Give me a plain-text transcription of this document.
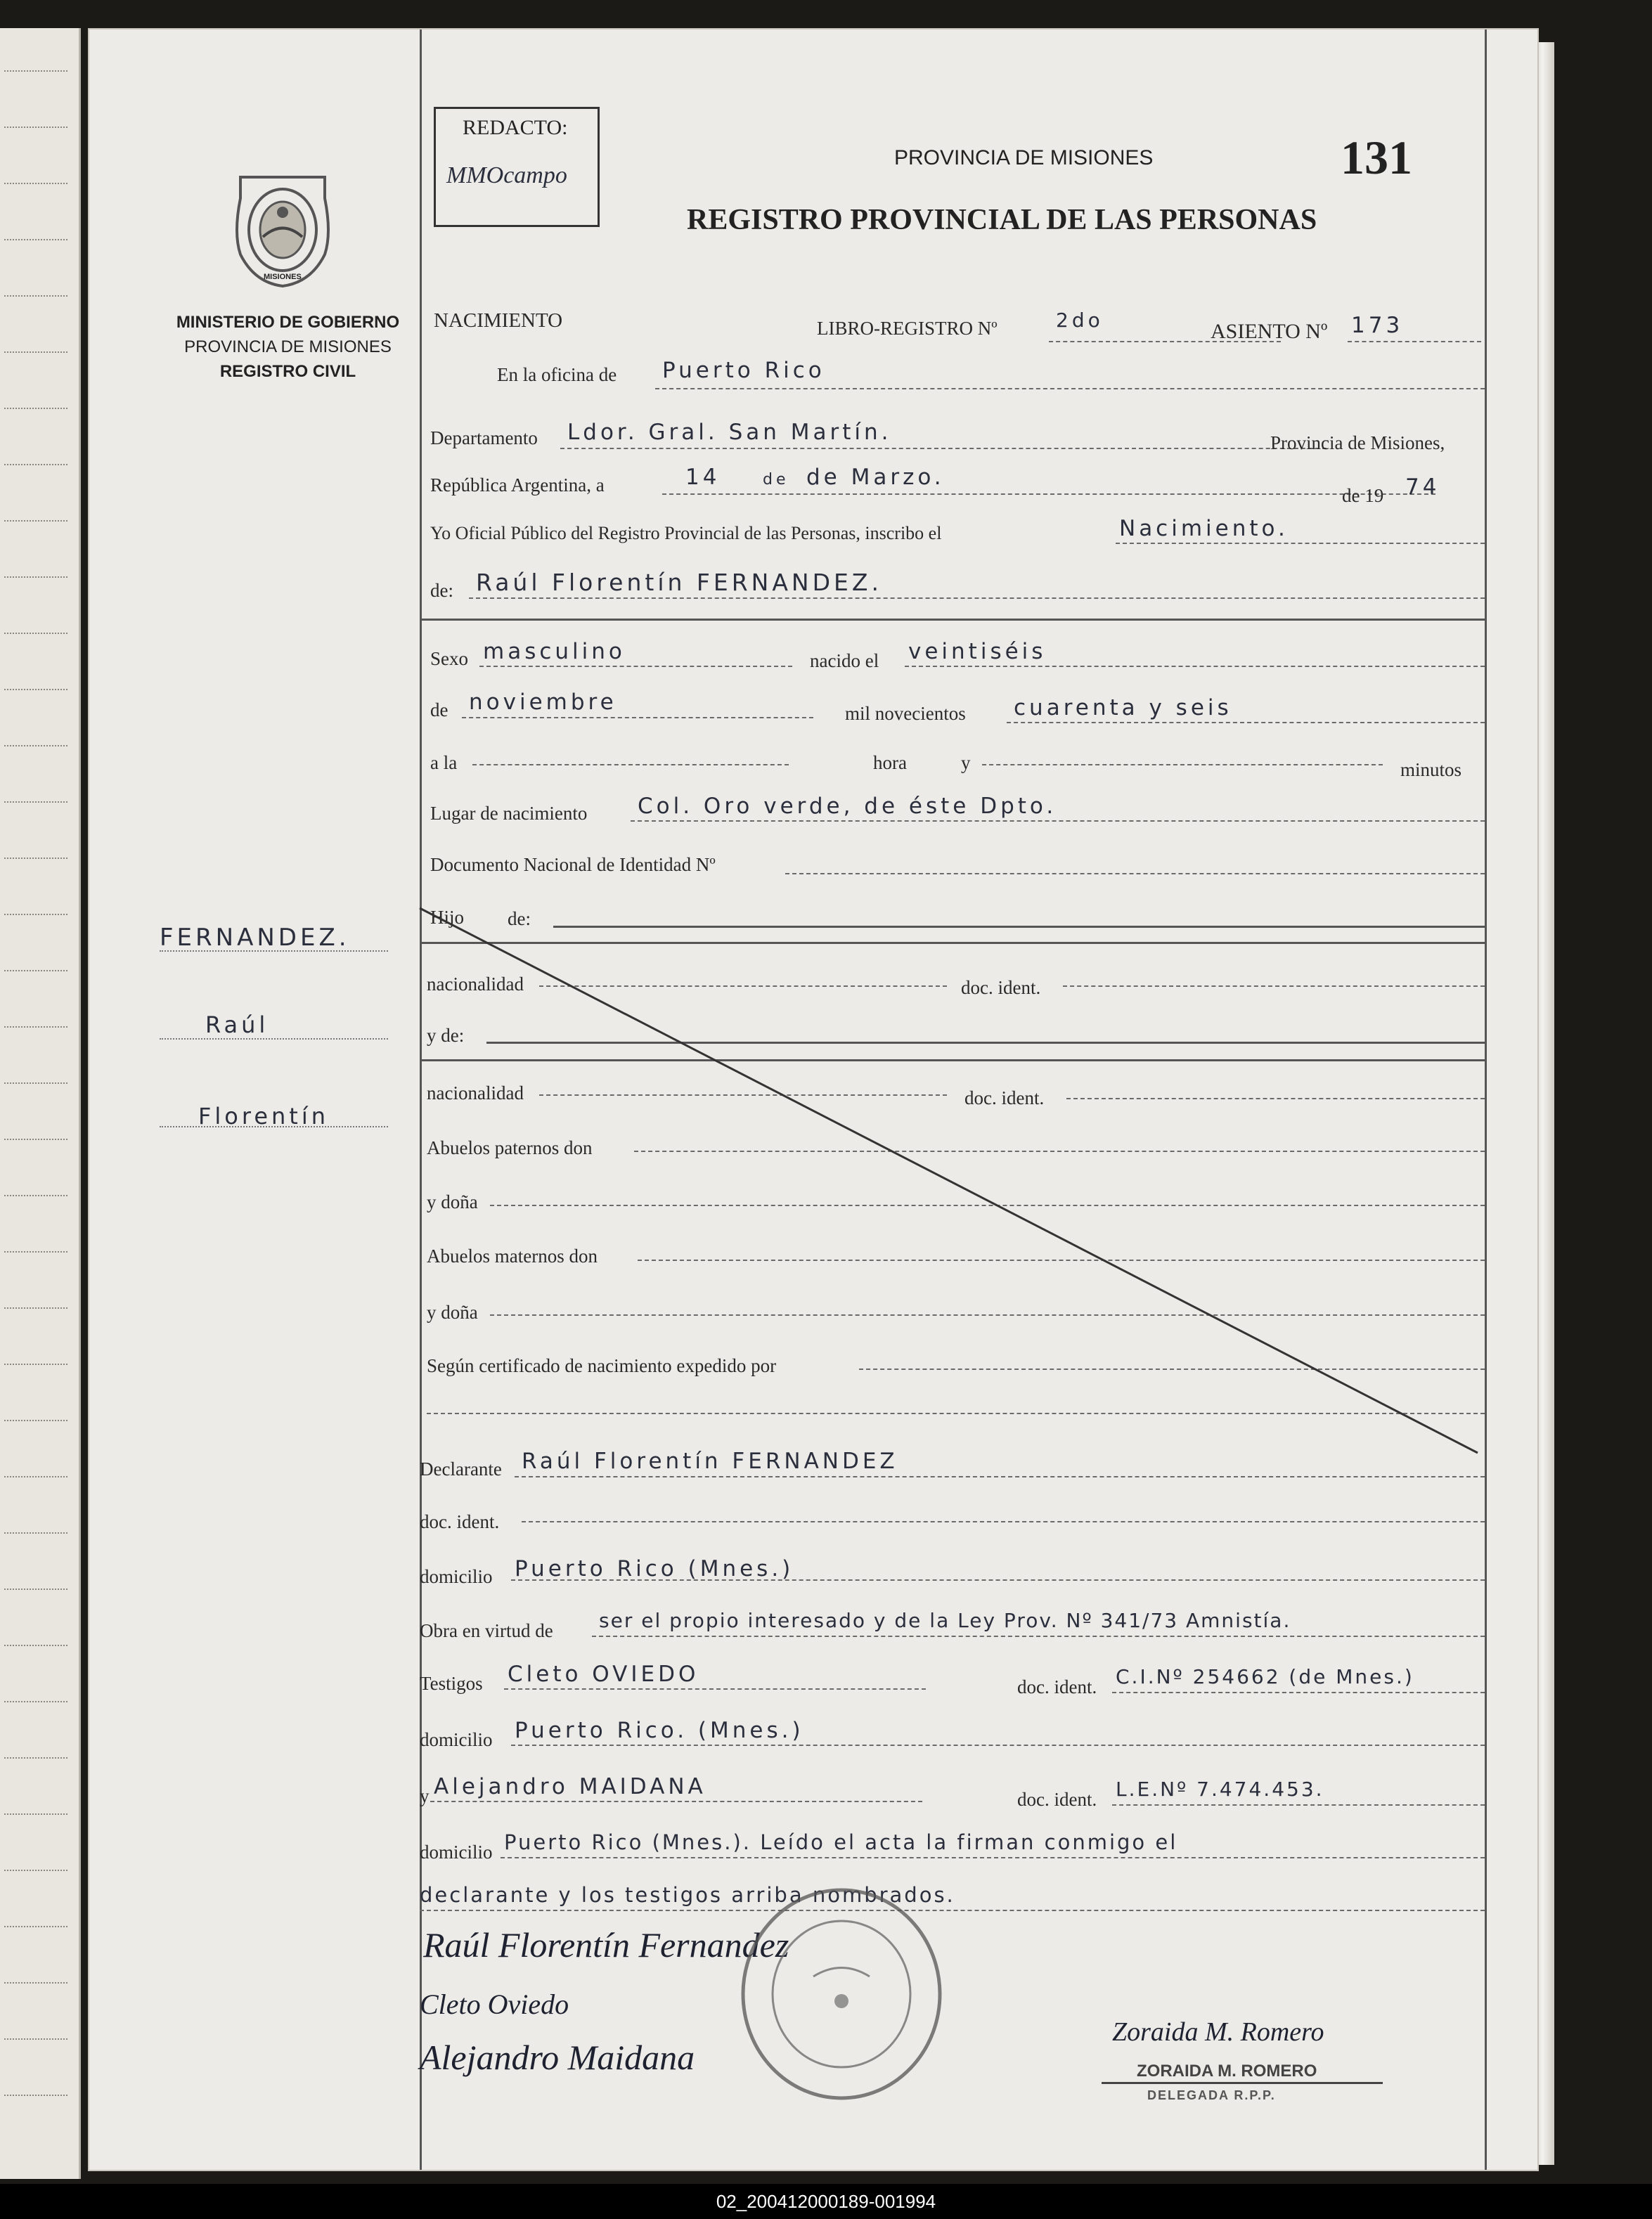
MISIONES
MINISTERIO DE GOBIERNO
PROVINCIA DE MISIONES
REGISTRO CIVIL
FERNANDEZ.
Raúl
Florentín
REDACTO:
MMOcampo
PROVINCIA DE MISIONES	131
REGISTRO PROVINCIAL DE LAS PERSONAS
NACIMIENTO	LIBRO-REGISTRO Nº	2do	ASIENTO Nº 173
En la oficina de Puerto Rico
Departamento Ldor. Gral. San Martín.	Provincia de Misiones,
República Argentina, a	14	de de Marzo.
de 19 74
Yo Oficial Público del Registro Provincial de las Personas, inscribo el	Nacimiento.
de: Raúl Florentín FERNANDEZ.
Sexo masculino	nacido el veintiséis
de noviembre	mil novecientos cuarenta y seis
a la	hora	y	minutos
Lugar de nacimiento Col. Oro verde, de éste Dpto.
Documento Nacional de Identidad Nº
Hijo de:
nacionalidad	doc. ident.
y de:
nacionalidad	doc. ident.
Abuelos paternos don
y doña
Abuelos maternos don
y doña
Según certificado de nacimiento expedido por
Declarante Raúl Florentín FERNANDEZ
doc. ident.
domicilio Puerto Rico (Mnes.)
Obra en virtud de ser el propio interesado y de la Ley Prov. Nº 341/73 Amnistía.
Testigos Cleto OVIEDO	doc. ident. C.I.Nº 254662 (de Mnes.)
domicilio Puerto Rico. (Mnes.)
y Alejandro MAIDANA	doc. ident. L.E.Nº 7.474.453.
domicilio Puerto Rico (Mnes.). Leído el acta la firman conmigo el
declarante y los testigos arriba nombrados.
Raúl Florentín Fernandez
Cleto Oviedo
Alejandro Maidana
Zoraida M. Romero
ZORAIDA M. ROMERO
DELEGADA R.P.P.
02_200412000189-001994
